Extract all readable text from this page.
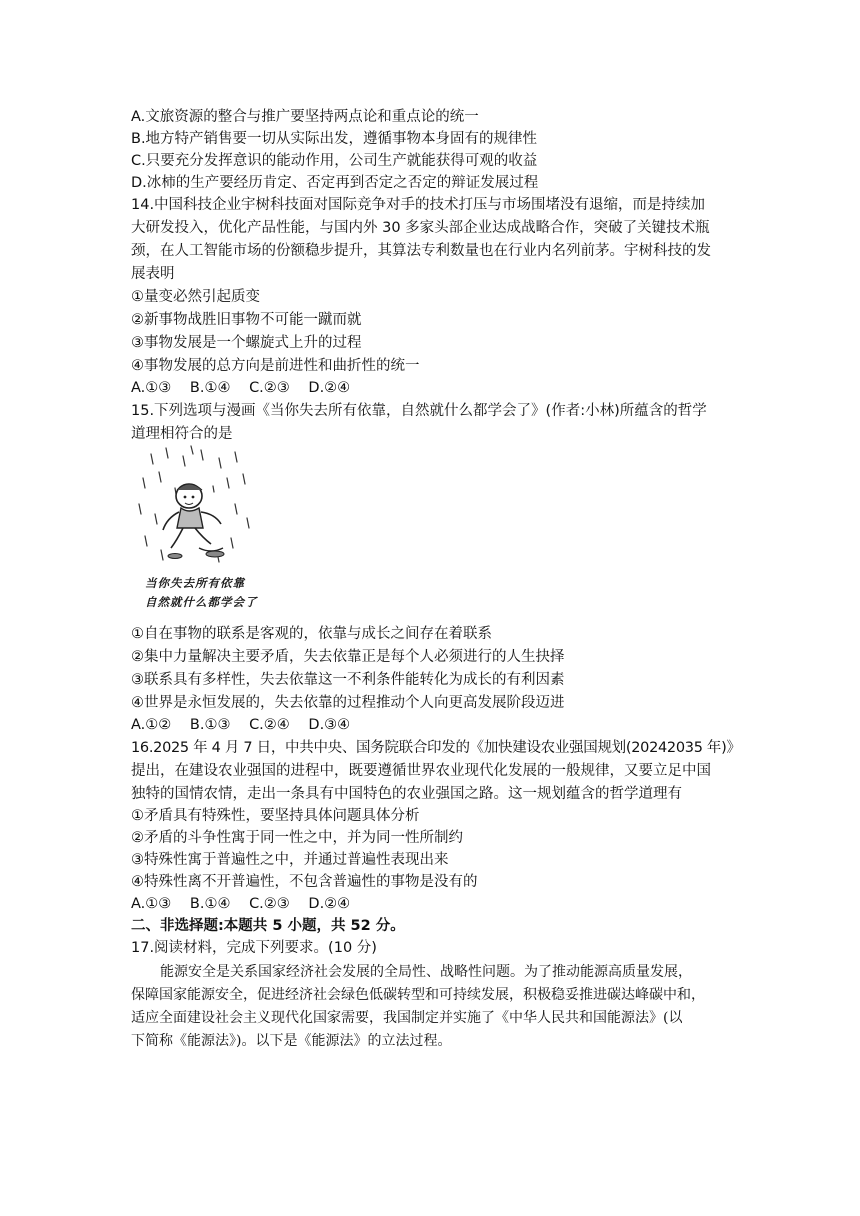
A.文旅资源的整合与推广要坚持两点论和重点论的统一
B.地方特产销售要一切从实际出发，遵循事物本身固有的规律性
C.只要充分发挥意识的能动作用，公司生产就能获得可观的收益
D.冰柿的生产要经历肯定、否定再到否定之否定的辩证发展过程
14.中国科技企业宇树科技面对国际竞争对手的技术打压与市场围堵没有退缩，而是持续加
大研发投入，优化产品性能，与国内外 30 多家头部企业达成战略合作，突破了关键技术瓶
颈，在人工智能市场的份额稳步提升，其算法专利数量也在行业内名列前茅。宇树科技的发
展表明
①量变必然引起质变
②新事物战胜旧事物不可能一蹴而就
③事物发展是一个螺旋式上升的过程
④事物发展的总方向是前进性和曲折性的统一
A.①③ B.①④ C.②③ D.②④
15.下列选项与漫画《当你失去所有依靠，自然就什么都学会了》(作者:小林)所蕴含的哲学
道理相符合的是
当你失去所有依靠
自然就什么都学会了
①自在事物的联系是客观的，依靠与成长之间存在着联系
②集中力量解决主要矛盾，失去依靠正是每个人必须进行的人生抉择
③联系具有多样性，失去依靠这一不利条件能转化为成长的有利因素
④世界是永恒发展的，失去依靠的过程推动个人向更高发展阶段迈进
A.①② B.①③ C.②④ D.③④
16.2025 年 4 月 7 日，中共中央、国务院联合印发的《加快建设农业强国规划(20242035 年)》
提出，在建设农业强国的进程中，既要遵循世界农业现代化发展的一般规律，又要立足中国
独特的国情农情，走出一条具有中国特色的农业强国之路。这一规划蕴含的哲学道理有
①矛盾具有特殊性，要坚持具体问题具体分析
②矛盾的斗争性寓于同一性之中，并为同一性所制约
③特殊性寓于普遍性之中，并通过普遍性表现出来
④特殊性离不开普遍性，不包含普遍性的事物是没有的
A.①③ B.①④ C.②③ D.②④
二、非选择题:本题共 5 小题，共 52 分。
17.阅读材料，完成下列要求。(10 分)
能源安全是关系国家经济社会发展的全局性、战略性问题。为了推动能源高质量发展，
保障国家能源安全，促进经济社会绿色低碳转型和可持续发展，积极稳妥推进碳达峰碳中和，
适应全面建设社会主义现代化国家需要，我国制定并实施了《中华人民共和国能源法》(以
下简称《能源法》)。以下是《能源法》的立法过程。
